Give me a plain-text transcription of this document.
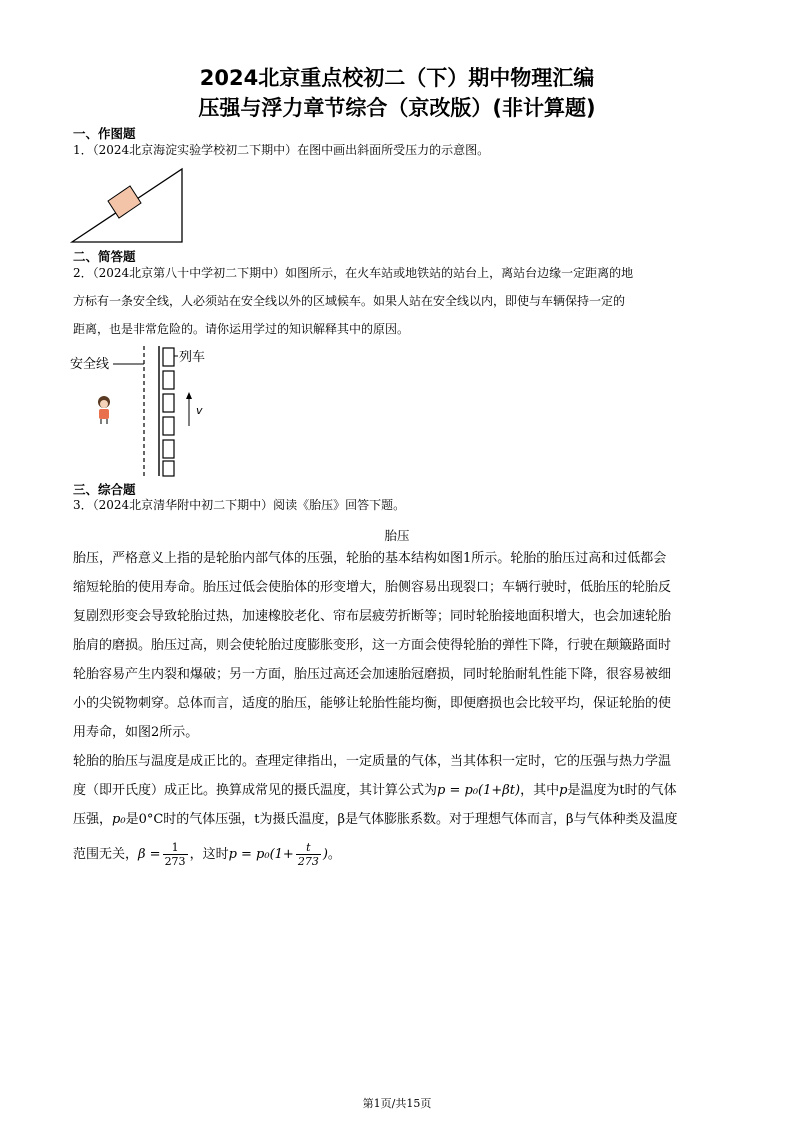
2024北京重点校初二（下）期中物理汇编
压强与浮力章节综合（京改版）(非计算题)
一、作图题
1．（2024北京海淀实验学校初二下期中）在图中画出斜面所受压力的示意图。
二、简答题
2．（2024北京第八十中学初二下期中）如图所示，在火车站或地铁站的站台上，离站台边缘一定距离的地
方标有一条安全线，人必须站在安全线以外的区域候车。如果人站在安全线以内，即使与车辆保持一定的
距离，也是非常危险的。请你运用学过的知识解释其中的原因。
安全线	列车
v
三、综合题
3．（2024北京清华附中初二下期中）阅读《胎压》回答下题。
胎压
胎压，严格意义上指的是轮胎内部气体的压强，轮胎的基本结构如图1所示。轮胎的胎压过高和过低都会
缩短轮胎的使用寿命。胎压过低会使胎体的形变增大，胎侧容易出现裂口；车辆行驶时，低胎压的轮胎反
复剧烈形变会导致轮胎过热，加速橡胶老化、帘布层疲劳折断等；同时轮胎接地面积增大，也会加速轮胎
胎肩的磨损。胎压过高，则会使轮胎过度膨胀变形，这一方面会使得轮胎的弹性下降，行驶在颠簸路面时
轮胎容易产生内裂和爆破；另一方面，胎压过高还会加速胎冠磨损，同时轮胎耐轧性能下降，很容易被细
小的尖锐物刺穿。总体而言，适度的胎压，能够让轮胎性能均衡，即便磨损也会比较平均，保证轮胎的使
用寿命，如图2所示。
轮胎的胎压与温度是成正比的。查理定律指出，一定质量的气体，当其体积一定时，它的压强与热力学温
度（即开氏度）成正比。换算成常见的摄氏温度，其计算公式为p = p₀(1+βt)，其中p是温度为t时的气体
压强，p₀是0°C时的气体压强，t为摄氏温度，β是气体膨胀系数。对于理想气体而言，β与气体种类及温度
范围无关，$\beta = \frac{1}{273}$ ，这时$p = p_0(1+ \frac{t}{273}$ )。
第1页/共15页
